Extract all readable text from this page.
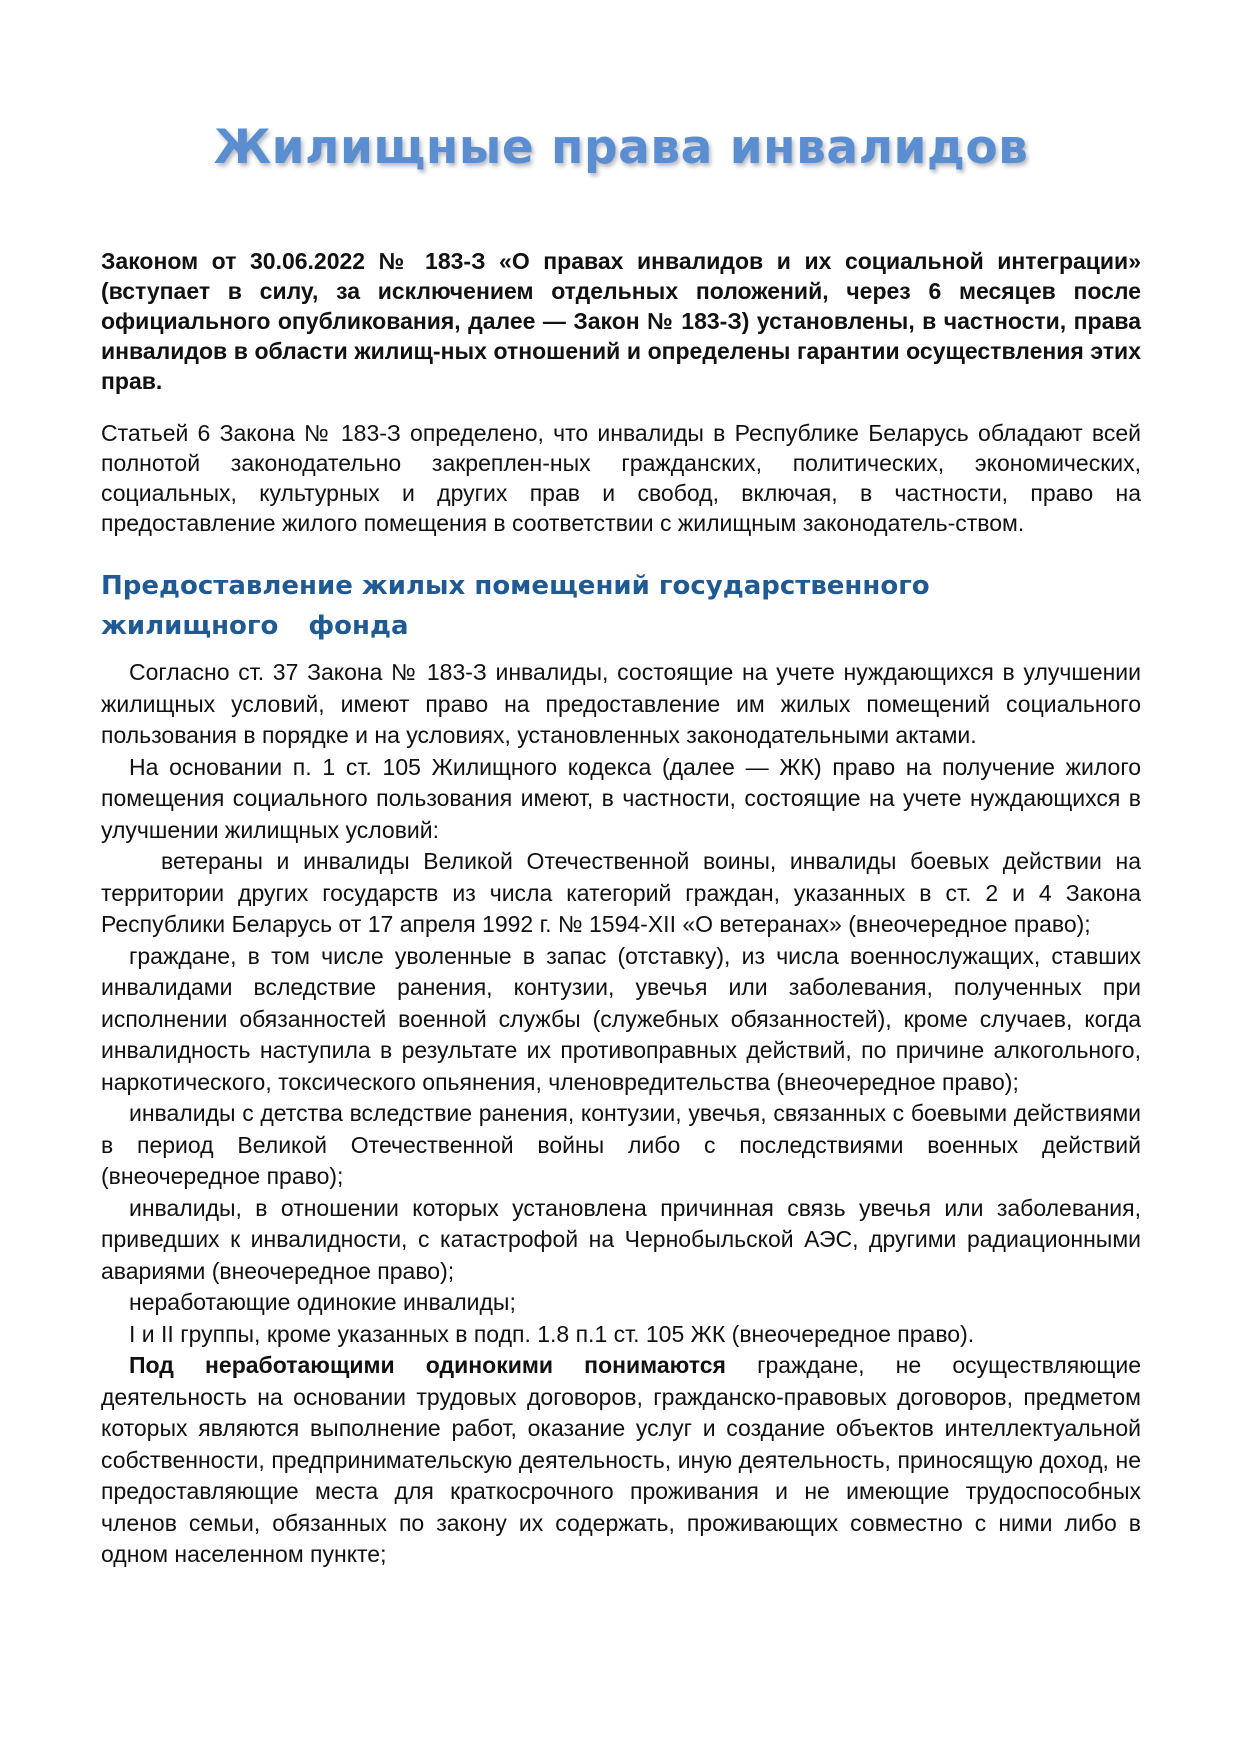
Жилищные права инвалидов

Законом от 30.06.2022 № 183-З «О правах инвалидов и их социальной интеграции» (вступает в силу, за исключением отдельных положений, через 6 месяцев после официального опубликования, далее — Закон № 183-З) установлены, в частности, права инвалидов в области жилищ-ных отношений и определены гарантии осуществления этих прав.

Статьей 6 Закона № 183-З определено, что инвалиды в Республике Беларусь обладают всей полнотой законодательно закреплен-ных гражданских, политических, экономических, социальных, культурных и других прав и свобод, включая, в частности, право на предоставление жилого помещения в соответствии с жилищным законодатель-ством.

Предоставление жилых помещений государственного
жилищного фонда

Согласно ст. 37 Закона № 183-З инвалиды, состоящие на учете нуждающихся в улучшении жилищных условий, имеют право на предоставление им жилых помещений социального пользования в порядке и на условиях, установленных законодательными актами.

На основании п. 1 ст. 105 Жилищного кодекса (далее — ЖК) право на получение жилого помещения социального пользования имеют, в частности, состоящие на учете нуждающихся в улучшении жилищных условий:

ветераны и инвалиды Великой Отечественной воины, инвалиды боевых действии на территории других государств из числа категорий граждан, указанных в ст. 2 и 4 Закона Республики Беларусь от 17 апреля 1992 г. № 1594-XII «О ветеранах» (внеочередное право);

граждане, в том числе уволенные в запас (отставку), из числа военнослужащих, ставших инвалидами вследствие ранения, контузии, увечья или заболевания, полученных при исполнении обязанностей военной службы (служебных обязанностей), кроме случаев, когда инвалидность наступила в результате их противоправных действий, по причине алкогольного, наркотического, токсического опьянения, членовредительства (внеочередное право);

инвалиды с детства вследствие ранения, контузии, увечья, связанных с боевыми действиями в период Великой Отечественной войны либо с последствиями военных действий (внеочередное право);

инвалиды, в отношении которых установлена причинная связь увечья или заболевания, приведших к инвалидности, с катастрофой на Чернобыльской АЭС, другими радиационными авариями (внеочередное право);

неработающие одинокие инвалиды;

I и II группы, кроме указанных в подп. 1.8 п.1 ст. 105 ЖК (внеочередное право).

Под неработающими одинокими понимаются граждане, не осуществляющие деятельность на основании трудовых договоров, гражданско-правовых договоров, предметом которых являются выполнение работ, оказание услуг и создание объектов интеллектуальной собственности, предпринимательскую деятельность, иную деятельность, приносящую доход, не предоставляющие места для краткосрочного проживания и не имеющие трудоспособных членов семьи, обязанных по закону их содержать, проживающих совместно с ними либо в одном населенном пункте;
